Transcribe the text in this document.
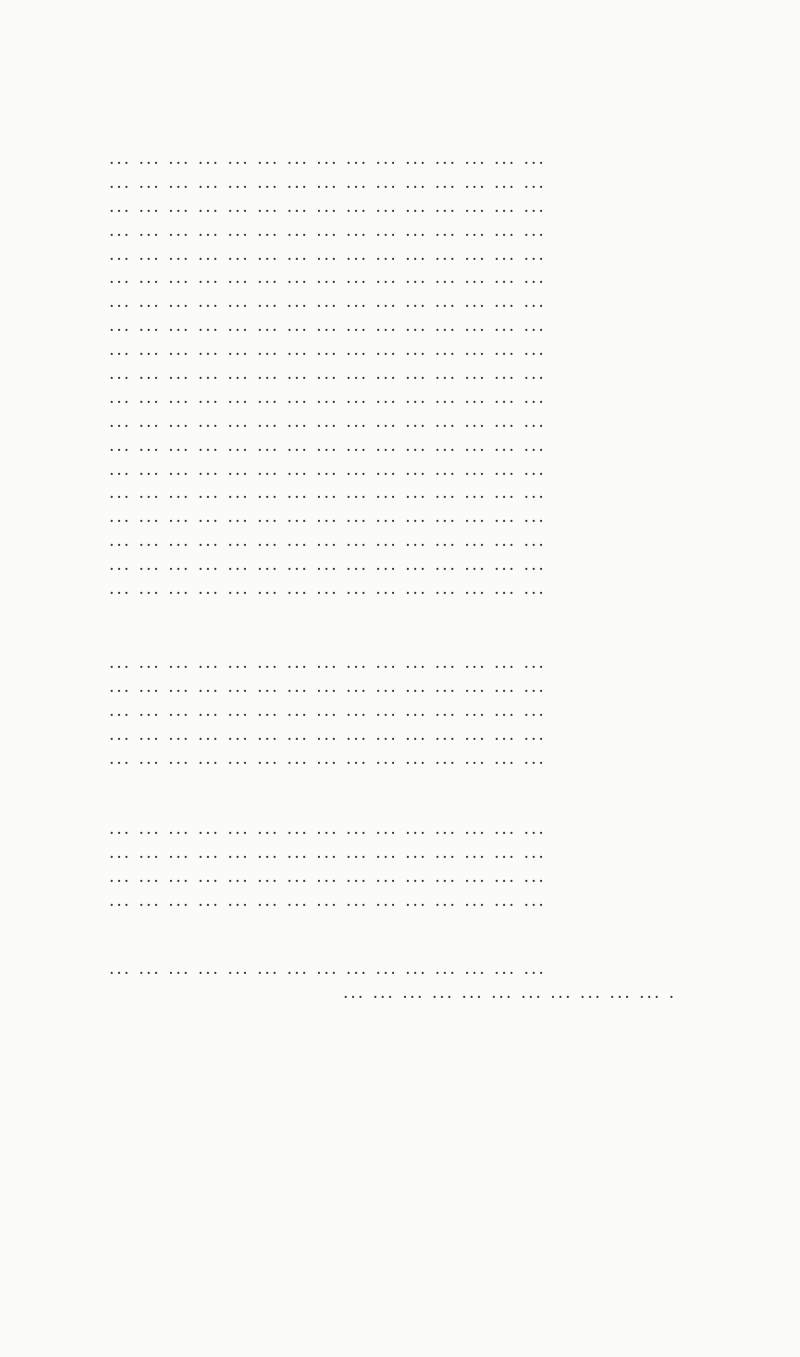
... .
... .
... .
... .
... .
... .
... .
... .
... .
... .
... .
... .
... .
... .
... .
... .
... .
... .
... .
... .
... .
... .
... .
... .
... .
... .
... .
... .
... .
... .
